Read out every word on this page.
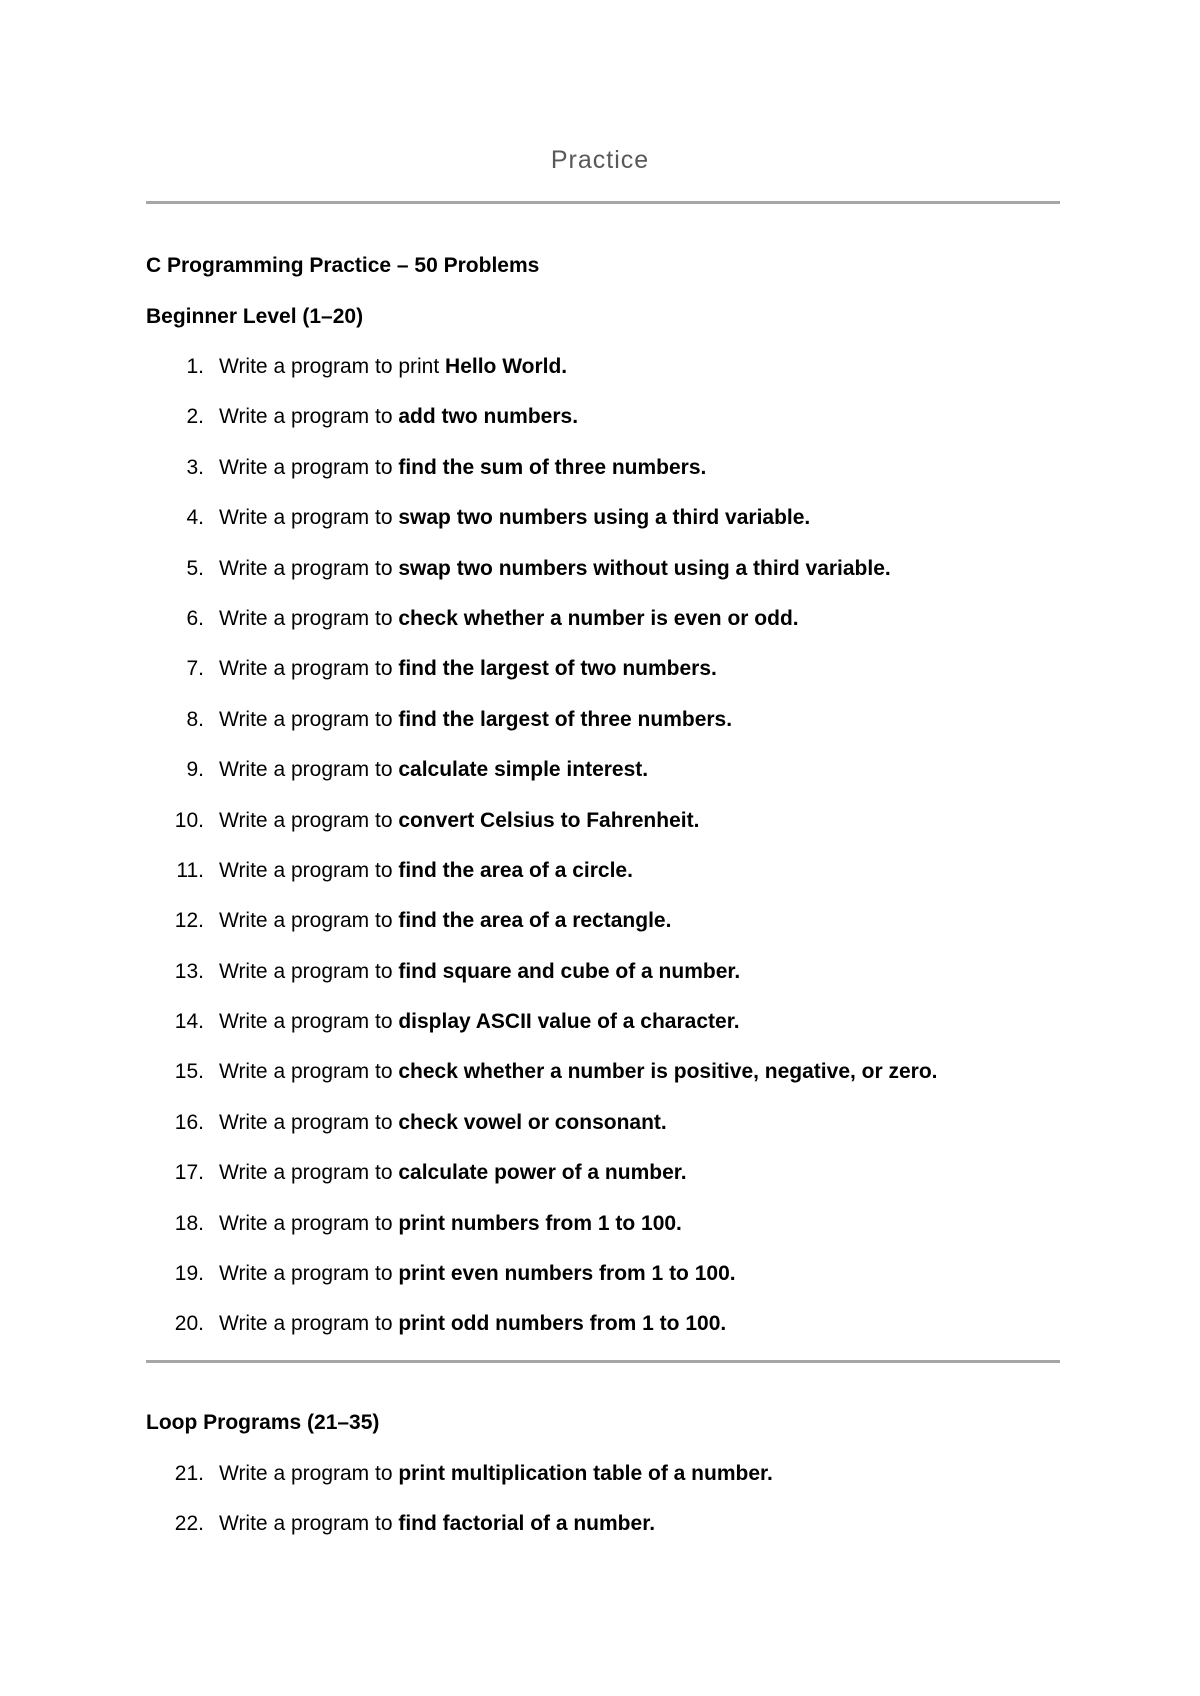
Practice
C Programming Practice – 50 Problems
Beginner Level (1–20)
1. Write a program to print Hello World.
2. Write a program to add two numbers.
3. Write a program to find the sum of three numbers.
4. Write a program to swap two numbers using a third variable.
5. Write a program to swap two numbers without using a third variable.
6. Write a program to check whether a number is even or odd.
7. Write a program to find the largest of two numbers.
8. Write a program to find the largest of three numbers.
9. Write a program to calculate simple interest.
10. Write a program to convert Celsius to Fahrenheit.
11. Write a program to find the area of a circle.
12. Write a program to find the area of a rectangle.
13. Write a program to find square and cube of a number.
14. Write a program to display ASCII value of a character.
15. Write a program to check whether a number is positive, negative, or zero.
16. Write a program to check vowel or consonant.
17. Write a program to calculate power of a number.
18. Write a program to print numbers from 1 to 100.
19. Write a program to print even numbers from 1 to 100.
20. Write a program to print odd numbers from 1 to 100.
Loop Programs (21–35)
21. Write a program to print multiplication table of a number.
22. Write a program to find factorial of a number.
